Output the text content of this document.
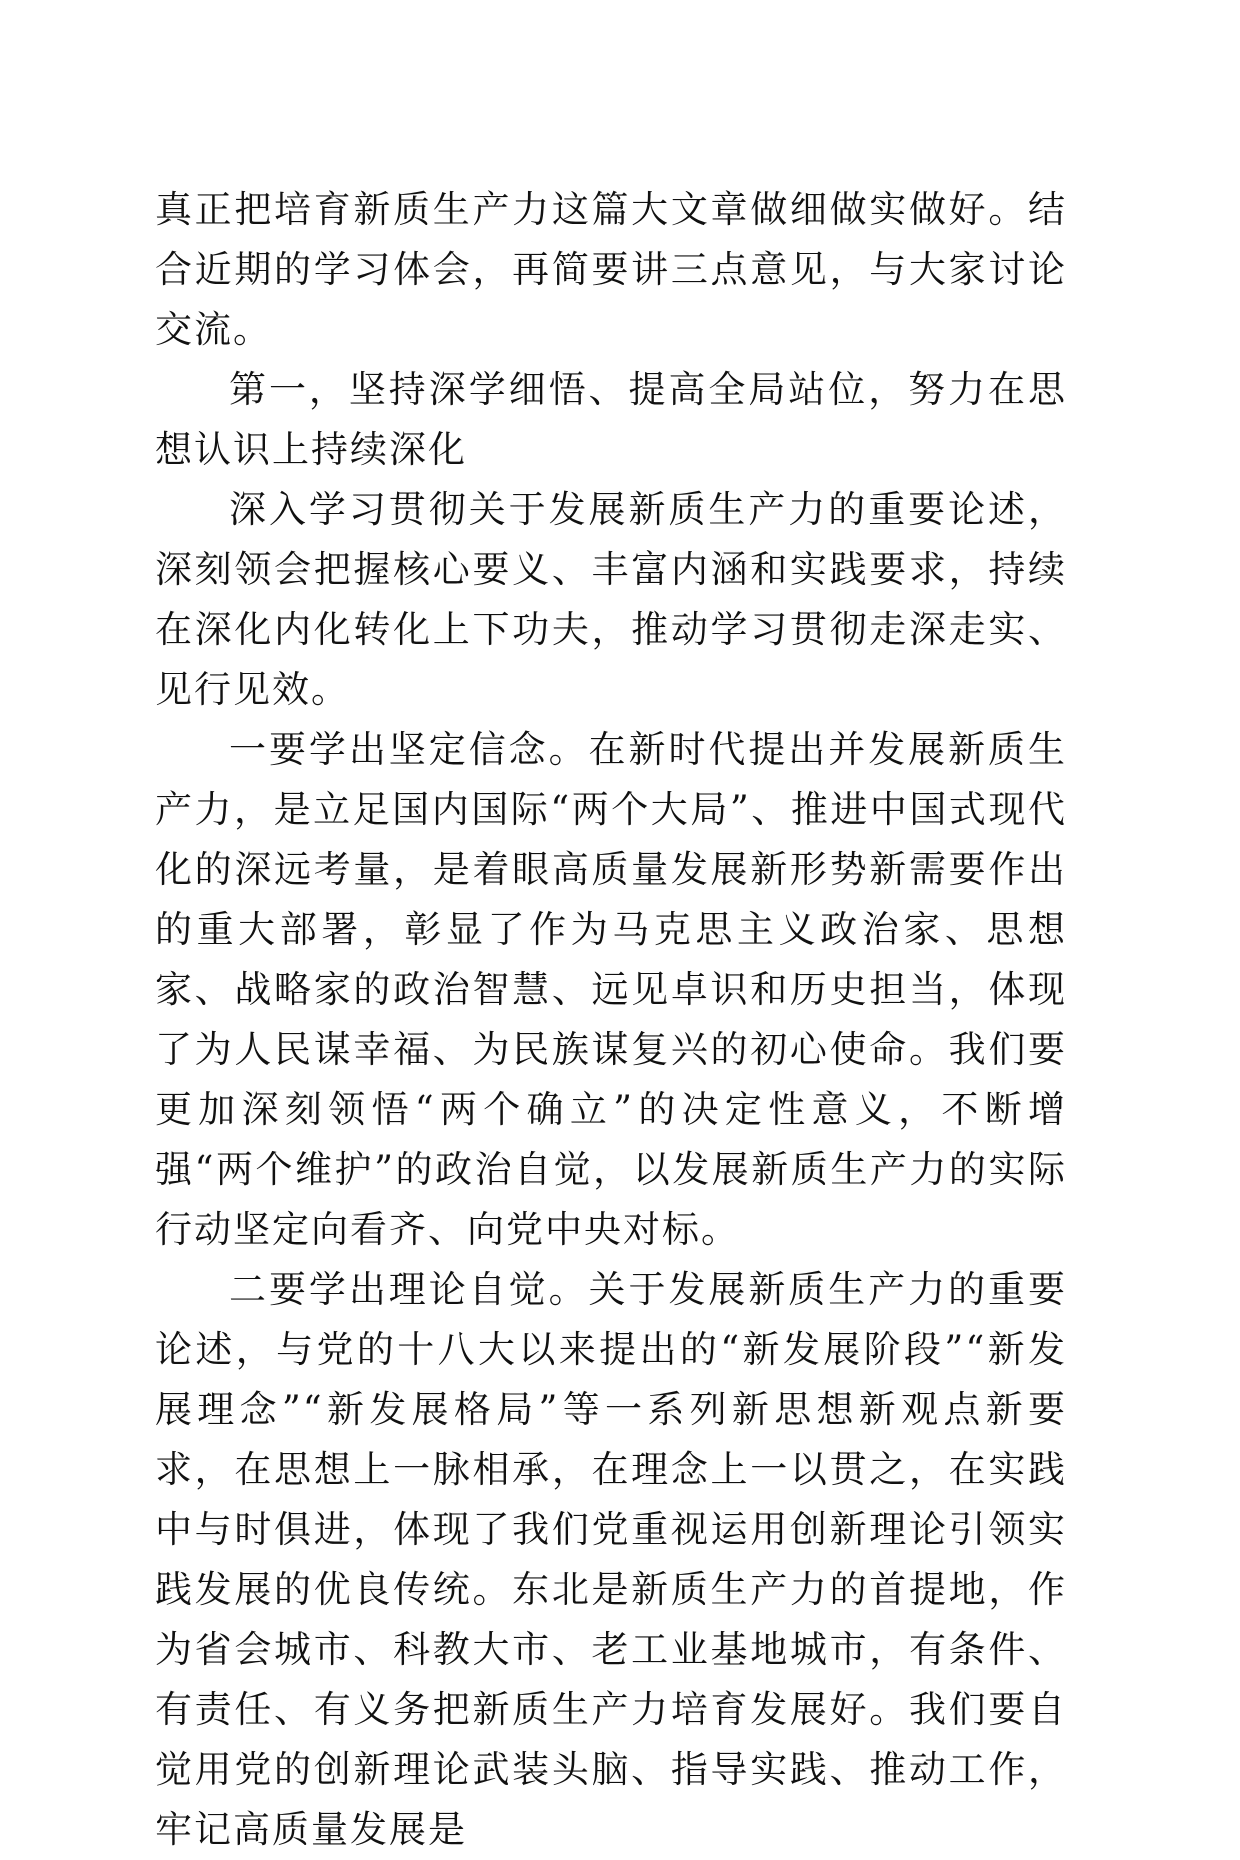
真正把培育新质生产力这篇大文章做细做实做好。结合近期的学习体会，再简要讲三点意见，与大家讨论交流。

第一，坚持深学细悟、提高全局站位，努力在思想认识上持续深化

深入学习贯彻关于发展新质生产力的重要论述，深刻领会把握核心要义、丰富内涵和实践要求，持续在深化内化转化上下功夫，推动学习贯彻走深走实、见行见效。

一要学出坚定信念。在新时代提出并发展新质生产力，是立足国内国际“两个大局”、推进中国式现代化的深远考量，是着眼高质量发展新形势新需要作出的重大部署，彰显了作为马克思主义政治家、思想家、战略家的政治智慧、远见卓识和历史担当，体现了为人民谋幸福、为民族谋复兴的初心使命。我们要更加深刻领悟“两个确立”的决定性意义，不断增强“两个维护”的政治自觉，以发展新质生产力的实际行动坚定向看齐、向党中央对标。

二要学出理论自觉。关于发展新质生产力的重要论述，与党的十八大以来提出的“新发展阶段”“新发展理念”“新发展格局”等一系列新思想新观点新要求，在思想上一脉相承，在理念上一以贯之，在实践中与时俱进，体现了我们党重视运用创新理论引领实践发展的优良传统。东北是新质生产力的首提地，作为省会城市、科教大市、老工业基地城市，有条件、有责任、有义务把新质生产力培育发展好。我们要自觉用党的创新理论武装头脑、指导实践、推动工作，牢记高质量发展是
